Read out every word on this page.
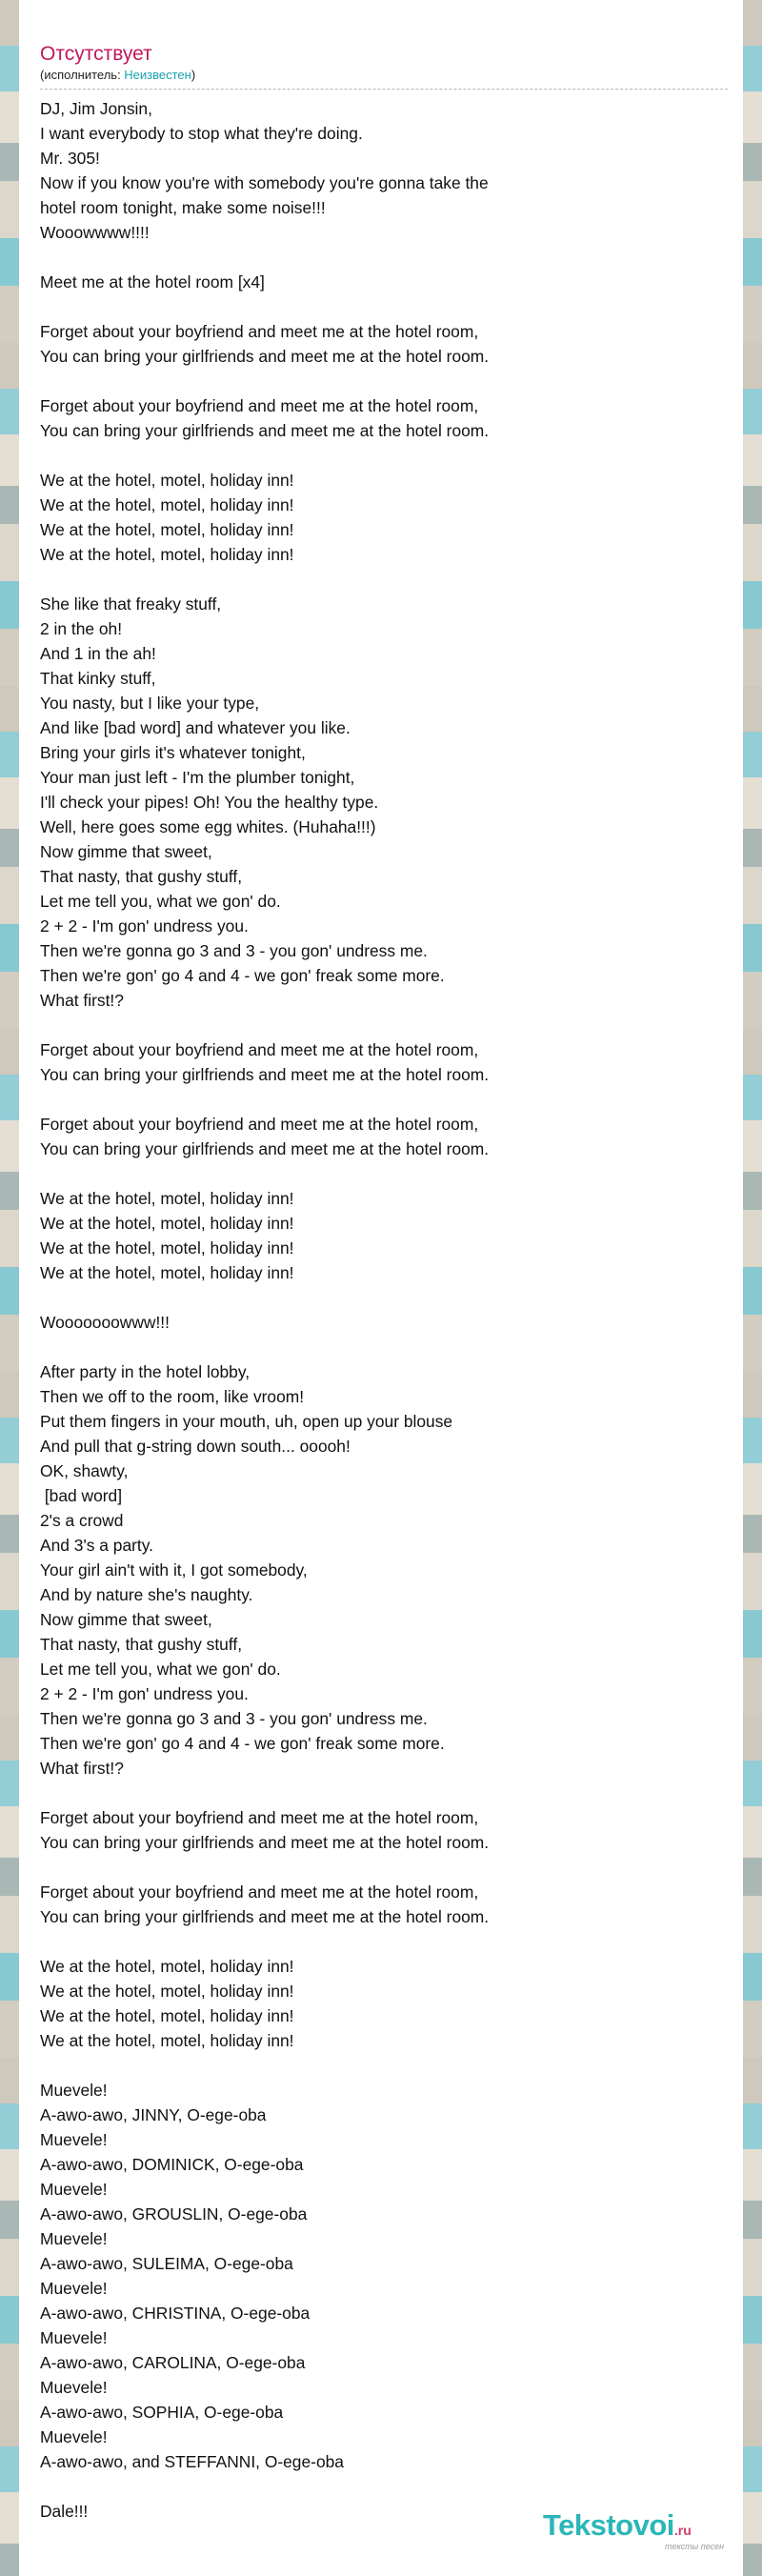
Отсутствует

(исполнитель: Неизвестен)

DJ, Jim Jonsin,
I want everybody to stop what they're doing.
Mr. 305!
Now if you know you're with somebody you're gonna take the
hotel room tonight, make some noise!!!
Wooowwww!!!!
Meet me at the hotel room [x4]
Forget about your boyfriend and meet me at the hotel room,
You can bring your girlfriends and meet me at the hotel room.
Forget about your boyfriend and meet me at the hotel room,
You can bring your girlfriends and meet me at the hotel room.
We at the hotel, motel, holiday inn!
We at the hotel, motel, holiday inn!
We at the hotel, motel, holiday inn!
We at the hotel, motel, holiday inn!
She like that freaky stuff,
2 in the oh!
And 1 in the ah!
That kinky stuff,
You nasty, but I like your type,
And like [bad word] and whatever you like.
Bring your girls it's whatever tonight,
Your man just left - I'm the plumber tonight,
I'll check your pipes! Oh! You the healthy type.
Well, here goes some egg whites. (Huhaha!!!)
Now gimme that sweet,
That nasty, that gushy stuff,
Let me tell you, what we gon' do.
2 + 2 - I'm gon' undress you.
Then we're gonna go 3 and 3 - you gon' undress me.
Then we're gon' go 4 and 4 - we gon' freak some more.
What first!?
Forget about your boyfriend and meet me at the hotel room,
You can bring your girlfriends and meet me at the hotel room.
Forget about your boyfriend and meet me at the hotel room,
You can bring your girlfriends and meet me at the hotel room.
We at the hotel, motel, holiday inn!
We at the hotel, motel, holiday inn!
We at the hotel, motel, holiday inn!
We at the hotel, motel, holiday inn!
Wooooooowww!!!
After party in the hotel lobby,
Then we off to the room, like vroom!
Put them fingers in your mouth, uh, open up your blouse
And pull that g-string down south... ooooh!
OK, shawty,
[bad word]
2's a crowd
And 3's a party.
Your girl ain't with it, I got somebody,
And by nature she's naughty.
Now gimme that sweet,
That nasty, that gushy stuff,
Let me tell you, what we gon' do.
2 + 2 - I'm gon' undress you.
Then we're gonna go 3 and 3 - you gon' undress me.
Then we're gon' go 4 and 4 - we gon' freak some more.
What first!?
Forget about your boyfriend and meet me at the hotel room,
You can bring your girlfriends and meet me at the hotel room.
Forget about your boyfriend and meet me at the hotel room,
You can bring your girlfriends and meet me at the hotel room.
We at the hotel, motel, holiday inn!
We at the hotel, motel, holiday inn!
We at the hotel, motel, holiday inn!
We at the hotel, motel, holiday inn!
Muevele!
A-awo-awo, JINNY, O-ege-oba
Muevele!
A-awo-awo, DOMINICK, O-ege-oba
Muevele!
A-awo-awo, GROUSLIN, O-ege-oba
Muevele!
A-awo-awo, SULEIMA, O-ege-oba
Muevele!
A-awo-awo, CHRISTINA, O-ege-oba
Muevele!
A-awo-awo, CAROLINA, O-ege-oba
Muevele!
A-awo-awo, SOPHIA, O-ege-oba
Muevele!
A-awo-awo, and STEFFANNI, O-ege-oba
Dale!!!	Tekstovoi.ru
тексты песен
